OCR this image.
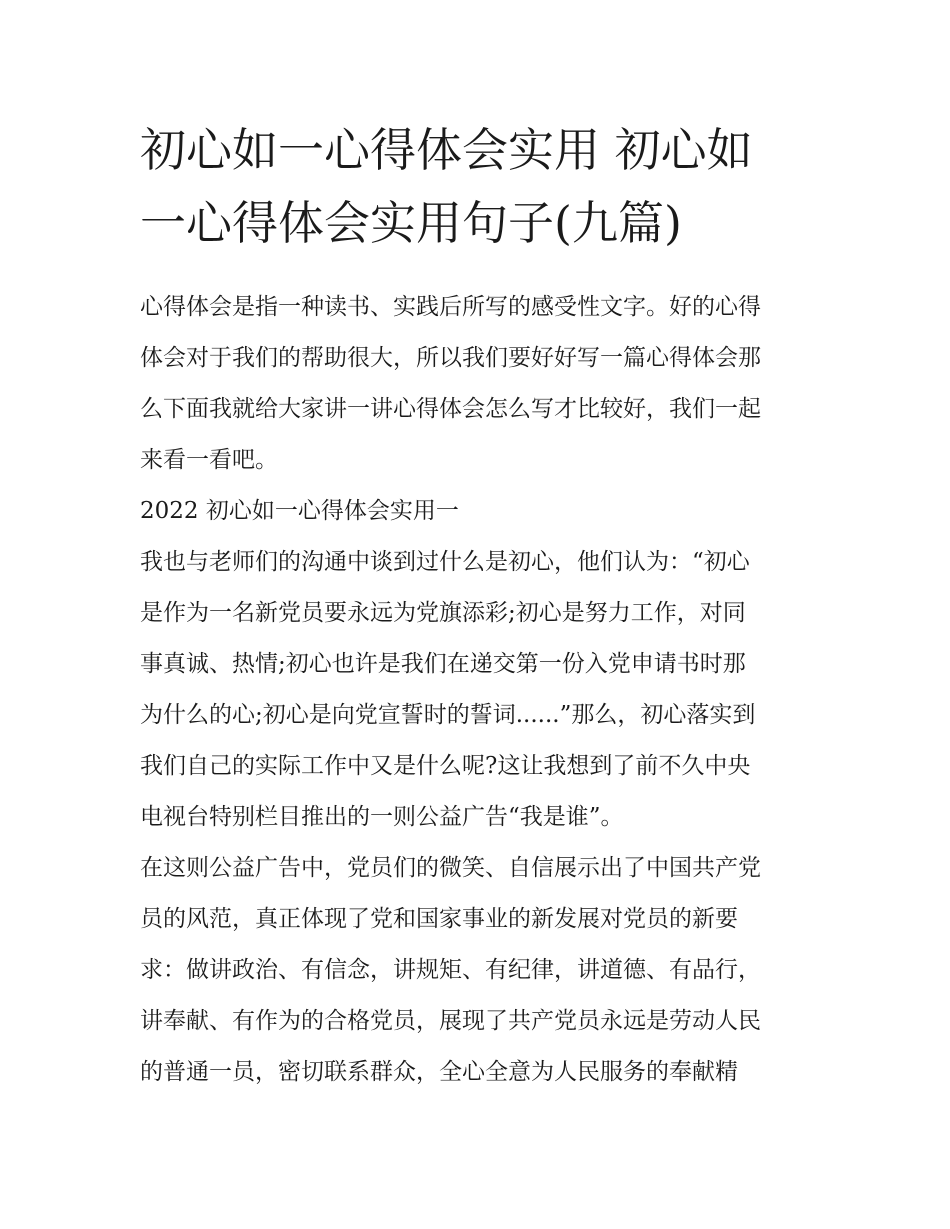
初心如一心得体会实用 初心如
一心得体会实用句子(九篇)

心得体会是指一种读书、实践后所写的感受性文字。好的心得
体会对于我们的帮助很大，所以我们要好好写一篇心得体会那
么下面我就给大家讲一讲心得体会怎么写才比较好，我们一起
来看一看吧。

2022 初心如一心得体会实用一

我也与老师们的沟通中谈到过什么是初心，他们认为：“初心
是作为一名新党员要永远为党旗添彩;初心是努力工作，对同
事真诚、热情;初心也许是我们在递交第一份入党申请书时那
为什么的心;初心是向党宣誓时的誓词......”那么，初心落实到
我们自己的实际工作中又是什么呢?这让我想到了前不久中央
电视台特别栏目推出的一则公益广告“我是谁”。

在这则公益广告中，党员们的微笑、自信展示出了中国共产党
员的风范，真正体现了党和国家事业的新发展对党员的新要
求：做讲政治、有信念，讲规矩、有纪律，讲道德、有品行，
讲奉献、有作为的合格党员，展现了共产党员永远是劳动人民
的普通一员，密切联系群众，全心全意为人民服务的奉献精
